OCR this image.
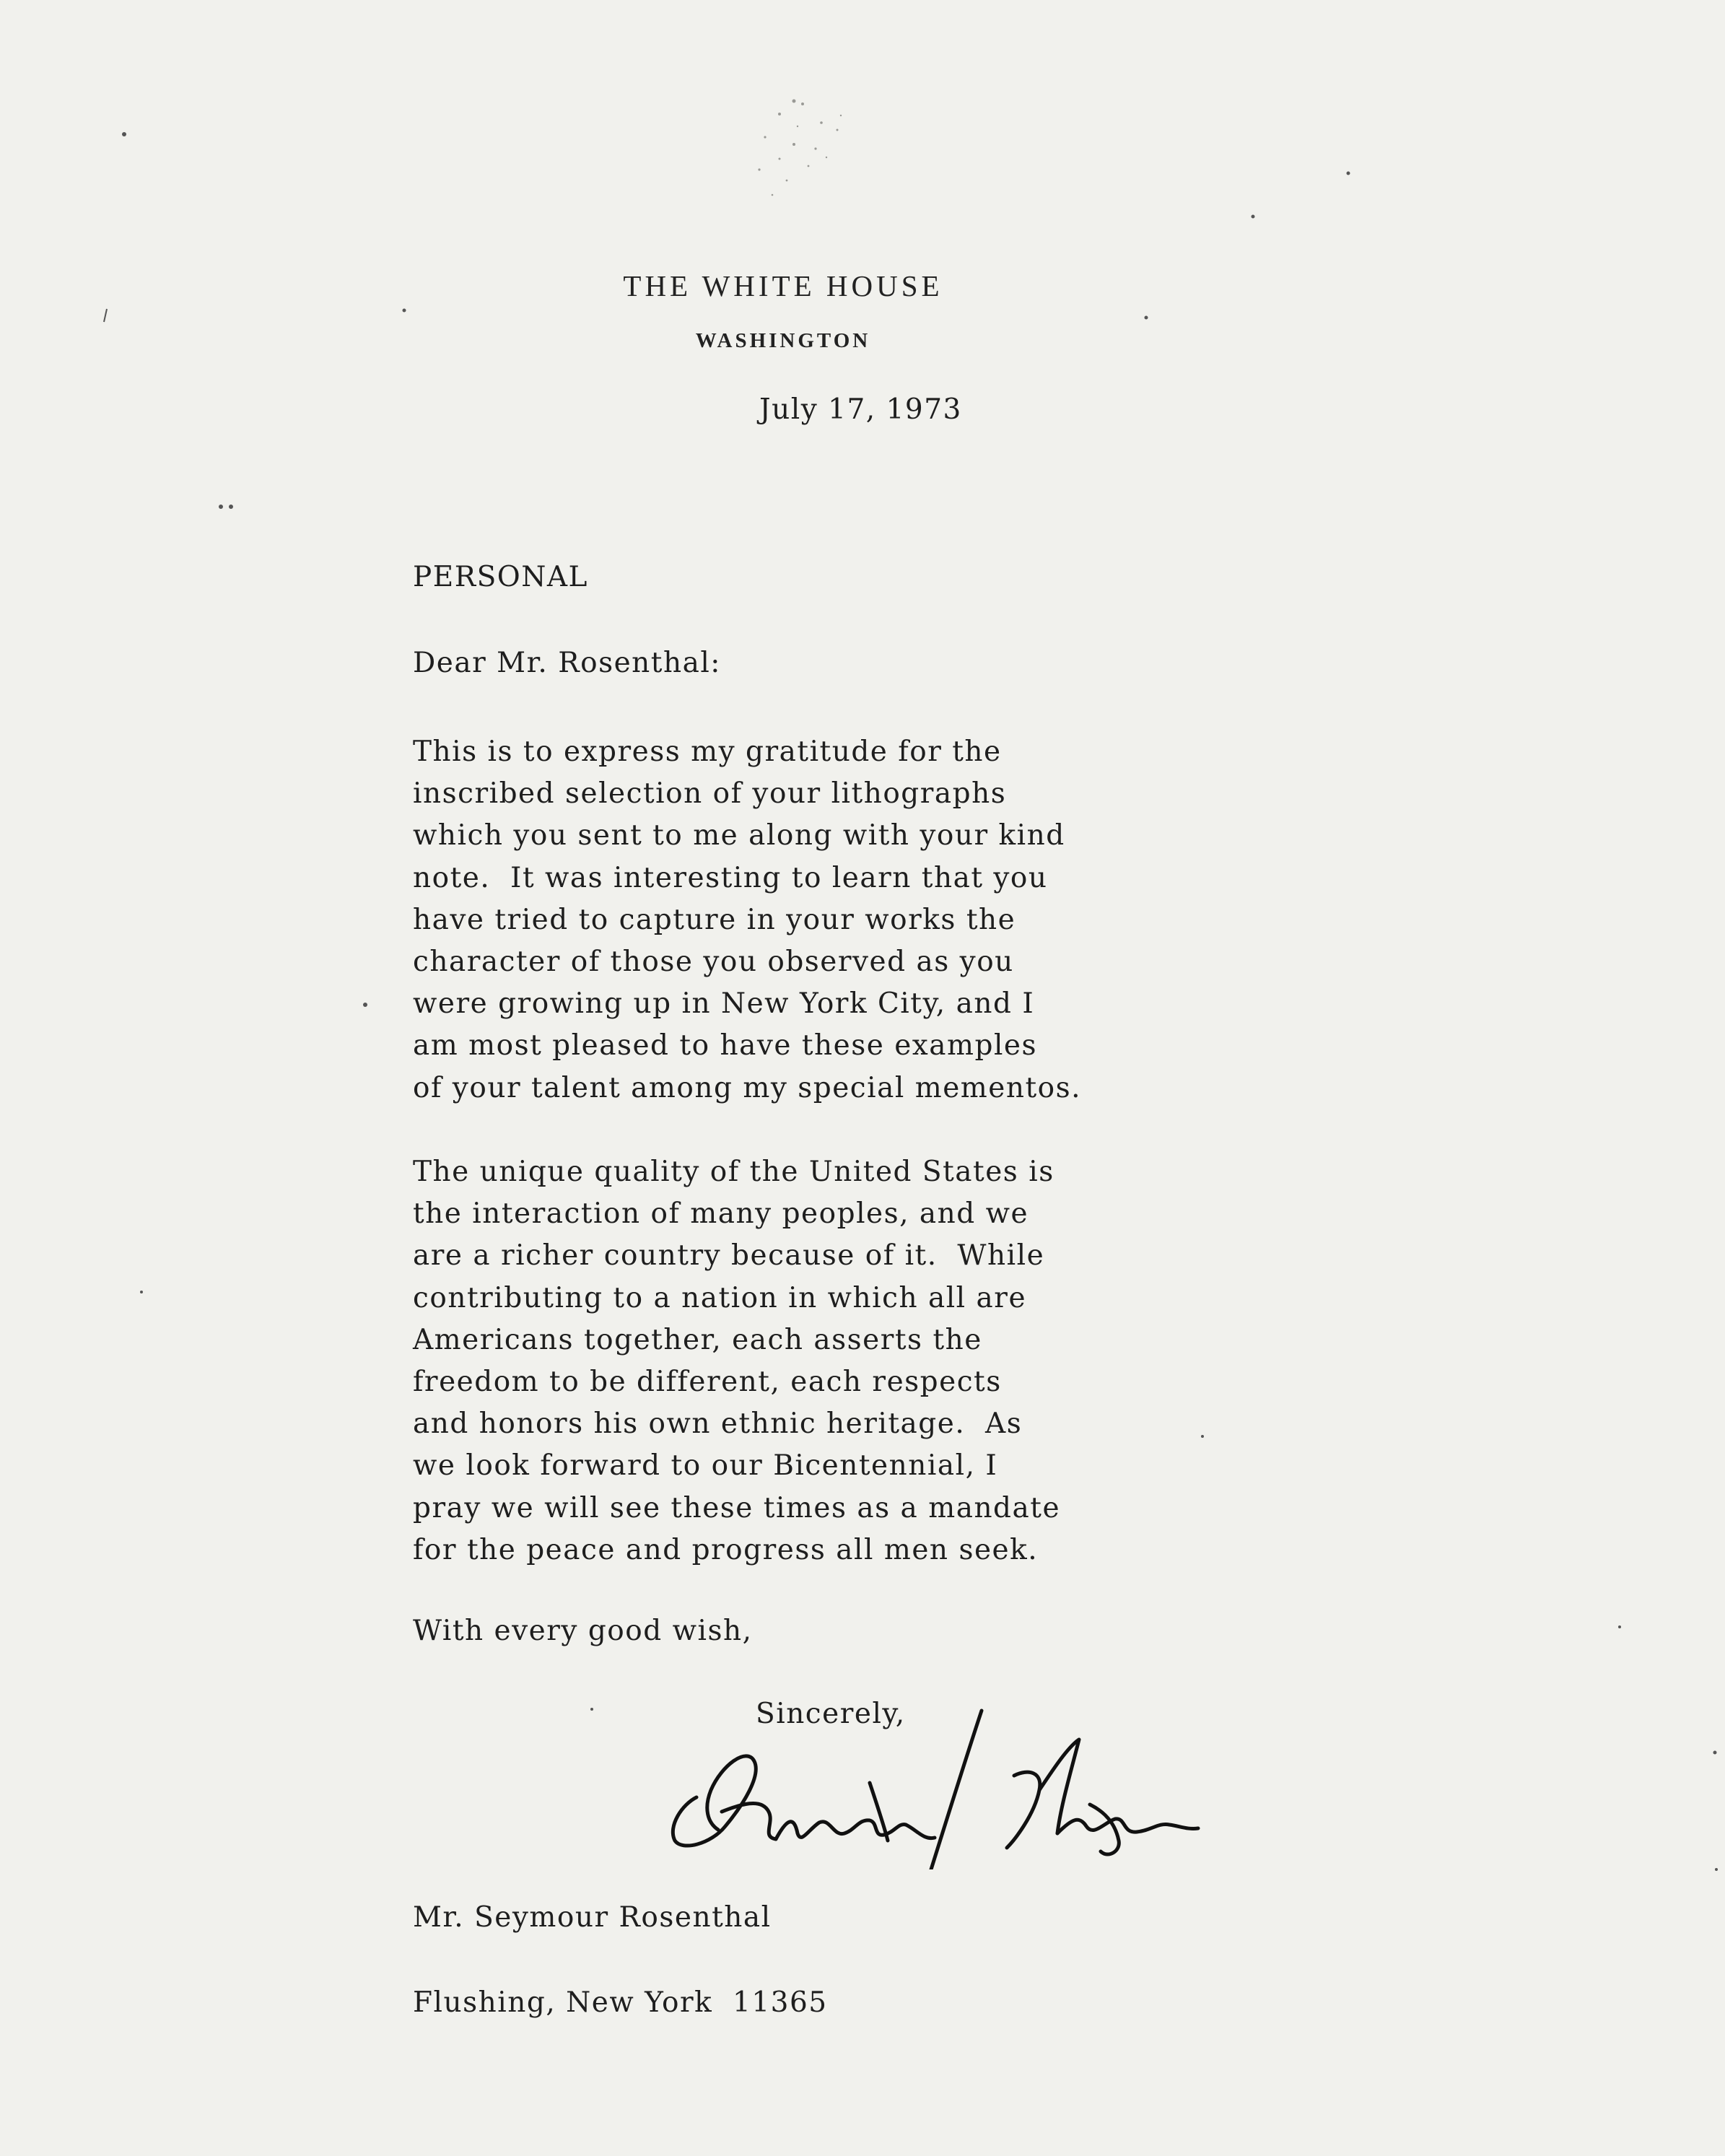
THE WHITE HOUSE
WASHINGTON
July 17, 1973
PERSONAL
Dear Mr. Rosenthal:
This is to express my gratitude for the
inscribed selection of your lithographs
which you sent to me along with your kind
note.  It was interesting to learn that you
have tried to capture in your works the
character of those you observed as you
were growing up in New York City, and I
am most pleased to have these examples
of your talent among my special mementos.
The unique quality of the United States is
the interaction of many peoples, and we
are a richer country because of it.  While
contributing to a nation in which all are
Americans together, each asserts the
freedom to be different, each respects
and honors his own ethnic heritage.  As
we look forward to our Bicentennial, I
pray we will see these times as a mandate
for the peace and progress all men seek.
With every good wish,
Sincerely,
Mr. Seymour Rosenthal
Flushing, New York  11365
